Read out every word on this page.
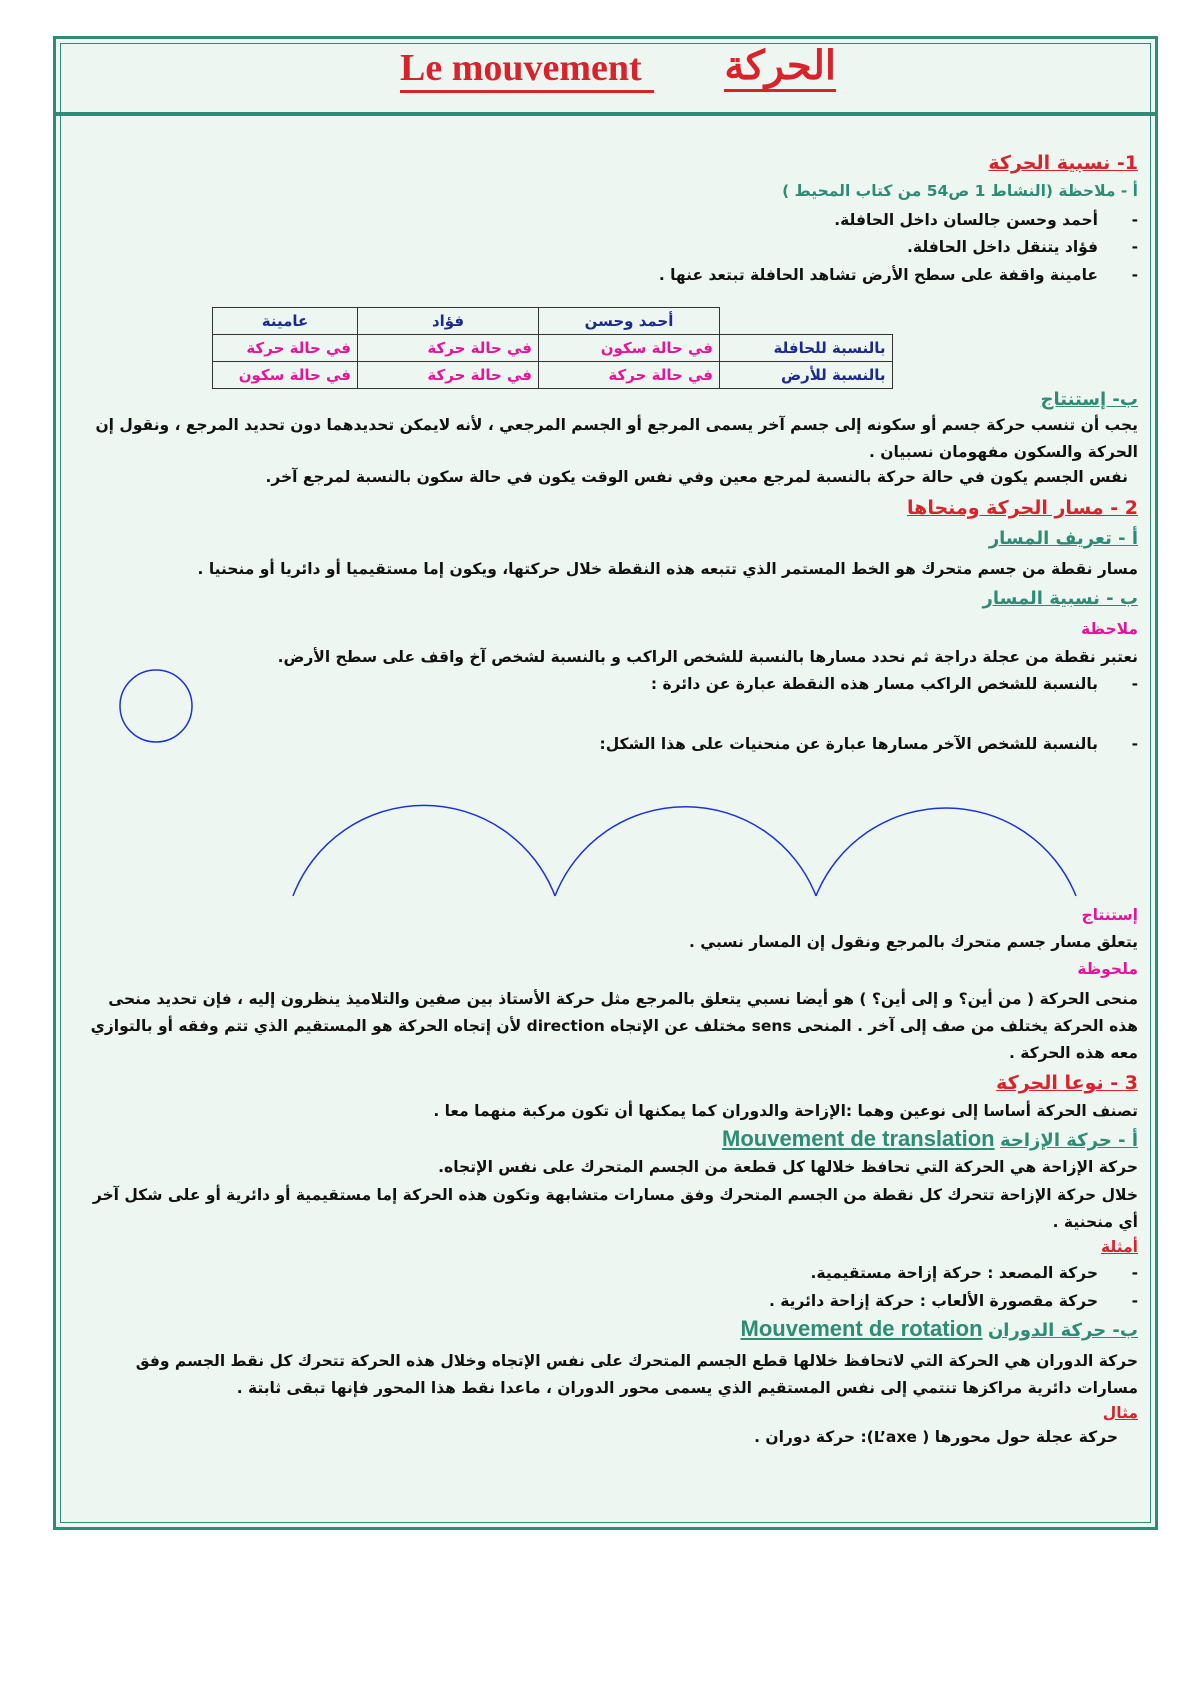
Le mouvement	الحركة
1- نسبية الحركة
أ - ملاحظة (النشاط 1 ص54 من كتاب المحيط )
أحمد وحسن جالسان داخل الحافلة. -
فؤاد يتنقل داخل الحافلة. -
عامينة واقفة على سطح الأرض تشاهد الحافلة تبتعد عنها . -
	أحمد وحسن	فؤاد	عامينة
بالنسبة للحافلة	في حالة سكون	في حالة حركة	في حالة حركة
بالنسبة للأرض	في حالة حركة	في حالة حركة	في حالة سكون
ب- إستنتاج
يجب أن تنسب حركة جسم أو سكونه إلى جسم آخر يسمى المرجع أو الجسم المرجعي ، لأنه لايمكن تحديدهما دون تحديد المرجع ، ونقول إن الحركة والسكون مفهومان نسبيان .
نفس الجسم يكون في حالة حركة بالنسبة لمرجع معين وفي نفس الوقت يكون في حالة سكون بالنسبة لمرجع آخر.
2 - مسار الحركة ومنحاها
أ - تعريف المسار
مسار نقطة من جسم متحرك هو الخط المستمر الذي تتبعه هذه النقطة خلال حركتها، ويكون إما مستقيميا أو دائريا أو منحنيا .
ب - نسبية المسار
ملاحظة
نعتبر نقطة من عجلة دراجة ثم نحدد مسارها بالنسبة للشخص الراكب و بالنسبة لشخص آخ واقف على سطح الأرض.
بالنسبة للشخص الراكب مسار هذه النقطة عبارة عن دائرة : -
بالنسبة للشخص الآخر مسارها عبارة عن منحنيات على هذا الشكل: -
إستنتاج
يتعلق مسار جسم متحرك بالمرجع ونقول إن المسار نسبي .
ملحوظة
منحى الحركة ( من أين؟ و إلى أين؟ ) هو أيضا نسبي يتعلق بالمرجع مثل حركة الأستاذ بين صفين والتلاميذ ينظرون إليه ، فإن تحديد منحى هذه الحركة يختلف من صف إلى آخر . المنحى sens مختلف عن الإتجاه direction لأن إتجاه الحركة هو المستقيم الذي تتم وفقه أو بالتوازي معه هذه الحركة .
3 - نوعا الحركة
تصنف الحركة أساسا إلى نوعين وهما :الإزاحة والدوران كما يمكنها أن تكون مركبة منهما معا .
أ - حركة الإزاحة Mouvement de translation
حركة الإزاحة هي الحركة التي تحافظ خلالها كل قطعة من الجسم المتحرك على نفس الإتجاه.
خلال حركة الإزاحة تتحرك كل نقطة من الجسم المتحرك وفق مسارات متشابهة وتكون هذه الحركة إما مستقيمية أو دائرية أو على شكل آخر أي منحنية .
أمثلة
حركة المصعد : حركة إزاحة مستقيمية. -
حركة مقصورة الألعاب : حركة إزاحة دائرية . -
ب- حركة الدوران Mouvement de rotation
حركة الدوران هي الحركة التي لاتحافظ خلالها قطع الجسم المتحرك على نفس الإتجاه وخلال هذه الحركة تتحرك كل نقط الجسم وفق مسارات دائرية مراكزها تنتمي إلى نفس المستقيم الذي يسمى محور الدوران ، ماعدا نقط هذا المحور فإنها تبقى ثابتة .
مثال
حركة عجلة حول محورها ( L’axe): حركة دوران .
